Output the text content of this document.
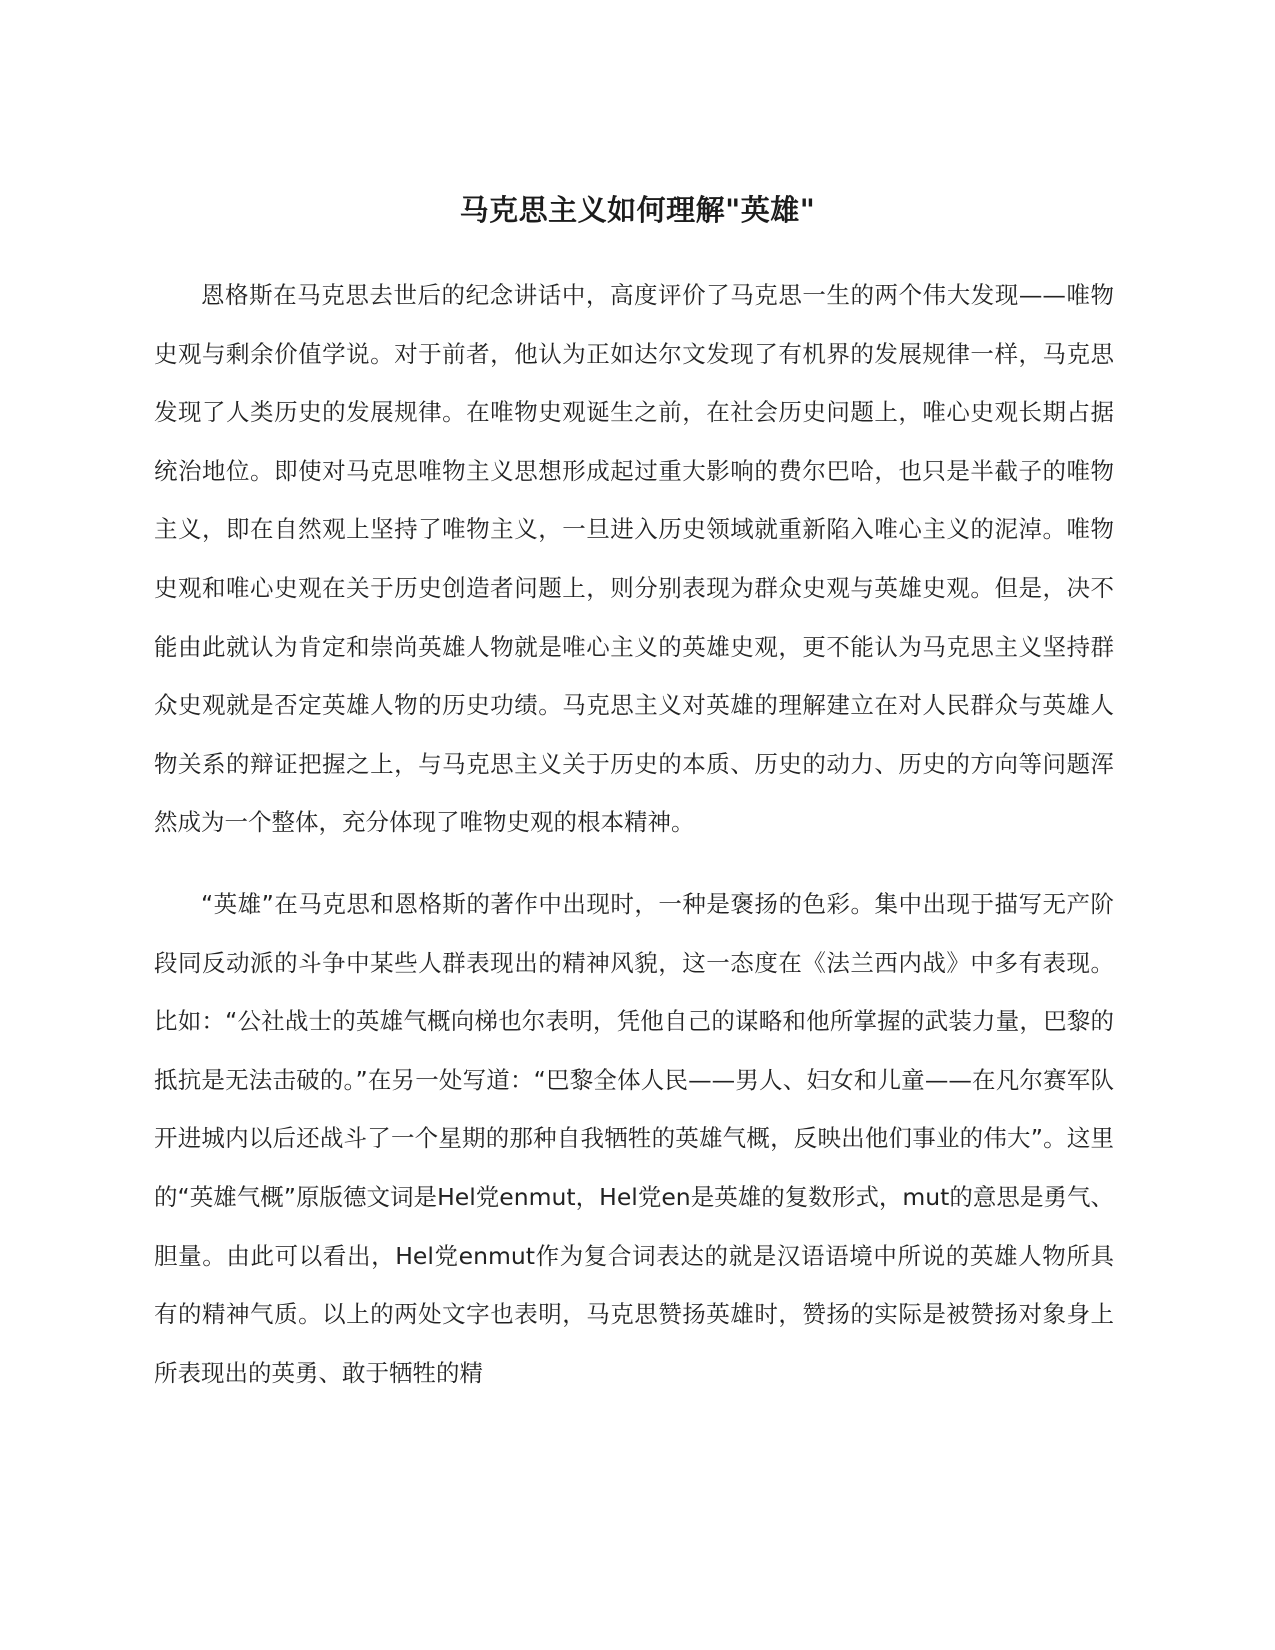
马克思主义如何理解"英雄"

恩格斯在马克思去世后的纪念讲话中，高度评价了马克思一生的两个伟大发现——唯物史观与剩余价值学说。对于前者，他认为正如达尔文发现了有机界的发展规律一样，马克思发现了人类历史的发展规律。在唯物史观诞生之前，在社会历史问题上，唯心史观长期占据统治地位。即使对马克思唯物主义思想形成起过重大影响的费尔巴哈，也只是半截子的唯物主义，即在自然观上坚持了唯物主义，一旦进入历史领域就重新陷入唯心主义的泥淖。唯物史观和唯心史观在关于历史创造者问题上，则分别表现为群众史观与英雄史观。但是，决不能由此就认为肯定和崇尚英雄人物就是唯心主义的英雄史观，更不能认为马克思主义坚持群众史观就是否定英雄人物的历史功绩。马克思主义对英雄的理解建立在对人民群众与英雄人物关系的辩证把握之上，与马克思主义关于历史的本质、历史的动力、历史的方向等问题浑然成为一个整体，充分体现了唯物史观的根本精神。

“英雄”在马克思和恩格斯的著作中出现时，一种是褒扬的色彩。集中出现于描写无产阶段同反动派的斗争中某些人群表现出的精神风貌，这一态度在《法兰西内战》中多有表现。比如：“公社战士的英雄气概向梯也尔表明，凭他自己的谋略和他所掌握的武装力量，巴黎的抵抗是无法击破的。”在另一处写道：“巴黎全体人民——男人、妇女和儿童——在凡尔赛军队开进城内以后还战斗了一个星期的那种自我牺牲的英雄气概，反映出他们事业的伟大”。这里的“英雄气概”原版德文词是Hel党enmut，Hel党en是英雄的复数形式，mut的意思是勇气、胆量。由此可以看出，Hel党enmut作为复合词表达的就是汉语语境中所说的英雄人物所具有的精神气质。以上的两处文字也表明，马克思赞扬英雄时，赞扬的实际是被赞扬对象身上所表现出的英勇、敢于牺牲的精
